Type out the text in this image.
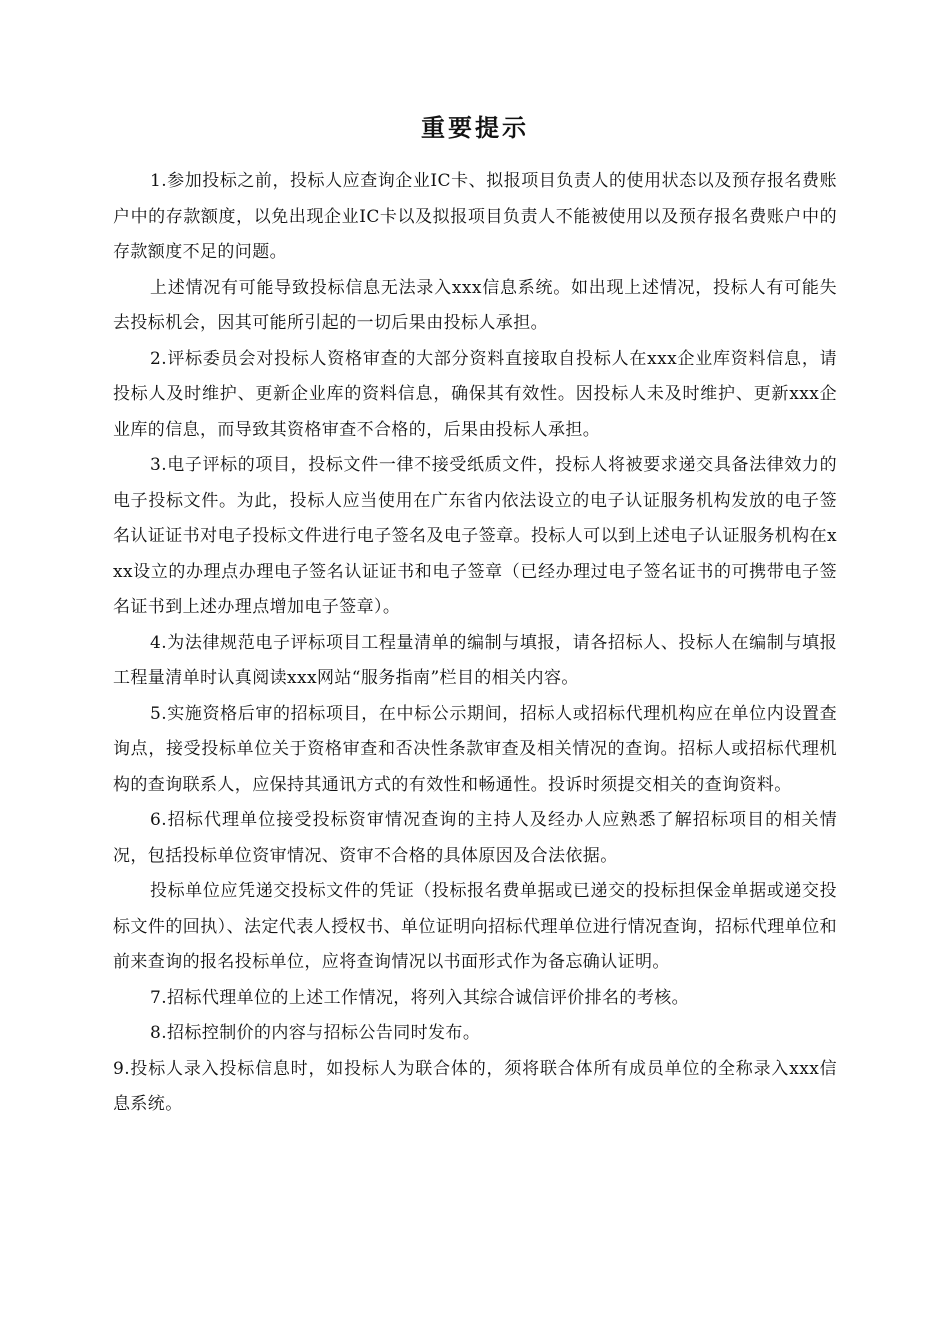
重要提示

1.参加投标之前，投标人应查询企业IC卡、拟报项目负责人的使用状态以及预存报名费账户中的存款额度，以免出现企业IC卡以及拟报项目负责人不能被使用以及预存报名费账户中的存款额度不足的问题。

上述情况有可能导致投标信息无法录入xxx信息系统。如出现上述情况，投标人有可能失去投标机会，因其可能所引起的一切后果由投标人承担。

2.评标委员会对投标人资格审查的大部分资料直接取自投标人在xxx企业库资料信息，请投标人及时维护、更新企业库的资料信息，确保其有效性。因投标人未及时维护、更新xxx企业库的信息，而导致其资格审查不合格的，后果由投标人承担。

3.电子评标的项目，投标文件一律不接受纸质文件，投标人将被要求递交具备法律效力的电子投标文件。为此，投标人应当使用在广东省内依法设立的电子认证服务机构发放的电子签名认证证书对电子投标文件进行电子签名及电子签章。投标人可以到上述电子认证服务机构在xxx设立的办理点办理电子签名认证证书和电子签章（已经办理过电子签名证书的可携带电子签名证书到上述办理点增加电子签章）。

4.为法律规范电子评标项目工程量清单的编制与填报，请各招标人、投标人在编制与填报工程量清单时认真阅读xxx网站“服务指南”栏目的相关内容。

5.实施资格后审的招标项目，在中标公示期间，招标人或招标代理机构应在单位内设置查询点，接受投标单位关于资格审查和否决性条款审查及相关情况的查询。招标人或招标代理机构的查询联系人，应保持其通讯方式的有效性和畅通性。投诉时须提交相关的查询资料。

6.招标代理单位接受投标资审情况查询的主持人及经办人应熟悉了解招标项目的相关情况，包括投标单位资审情况、资审不合格的具体原因及合法依据。

投标单位应凭递交投标文件的凭证（投标报名费单据或已递交的投标担保金单据或递交投标文件的回执）、法定代表人授权书、单位证明向招标代理单位进行情况查询，招标代理单位和前来查询的报名投标单位，应将查询情况以书面形式作为备忘确认证明。

7.招标代理单位的上述工作情况，将列入其综合诚信评价排名的考核。

8.招标控制价的内容与招标公告同时发布。

9.投标人录入投标信息时，如投标人为联合体的，须将联合体所有成员单位的全称录入xxx信息系统。
